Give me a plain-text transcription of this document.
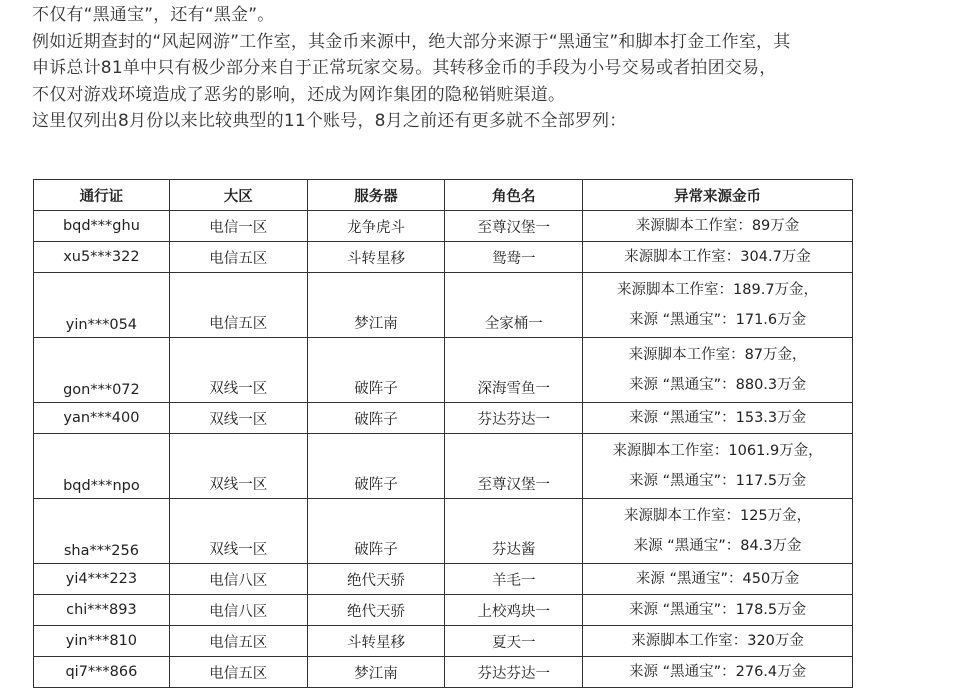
不仅有“黑通宝”，还有“黑金”。

例如近期查封的“风起网游”工作室，其金币来源中，绝大部分来源于“黑通宝”和脚本打金工作室，其

申诉总计81单中只有极少部分来自于正常玩家交易。其转移金币的手段为小号交易或者拍团交易，

不仅对游戏环境造成了恶劣的影响，还成为网诈集团的隐秘销赃渠道。

这里仅列出8月份以来比较典型的11个账号，8月之前还有更多就不全部罗列：

通行证	大区	服务器	角色名	异常来源金币
bqd***ghu	电信一区	龙争虎斗	至尊汉堡一	来源脚本工作室：89万金

xu5***322	电信五区	斗转星移	鸳鸯一	来源脚本工作室：304.7万金

yin***054	电信五区	梦江南	全家桶一	来源脚本工作室：189.7万金，
来源 “黑通宝”：171.6万金

gon***072	双线一区	破阵子	深海雪鱼一	来源脚本工作室：87万金，
来源 “黑通宝”：880.3万金

yan***400	双线一区	破阵子	芬达芬达一	来源 “黑通宝”：153.3万金

bqd***npo	双线一区	破阵子	至尊汉堡一	来源脚本工作室：1061.9万金，
来源 “黑通宝”：117.5万金

sha***256	双线一区	破阵子	芬达酱	来源脚本工作室：125万金，
来源 “黑通宝”：84.3万金

yi4***223	电信八区	绝代天骄	羊毛一	来源 “黑通宝”：450万金

chi***893	电信八区	绝代天骄	上校鸡块一	来源 “黑通宝”：178.5万金

yin***810	电信五区	斗转星移	夏天一	来源脚本工作室：320万金

qi7***866	电信五区	梦江南	芬达芬达一	来源 “黑通宝”：276.4万金
